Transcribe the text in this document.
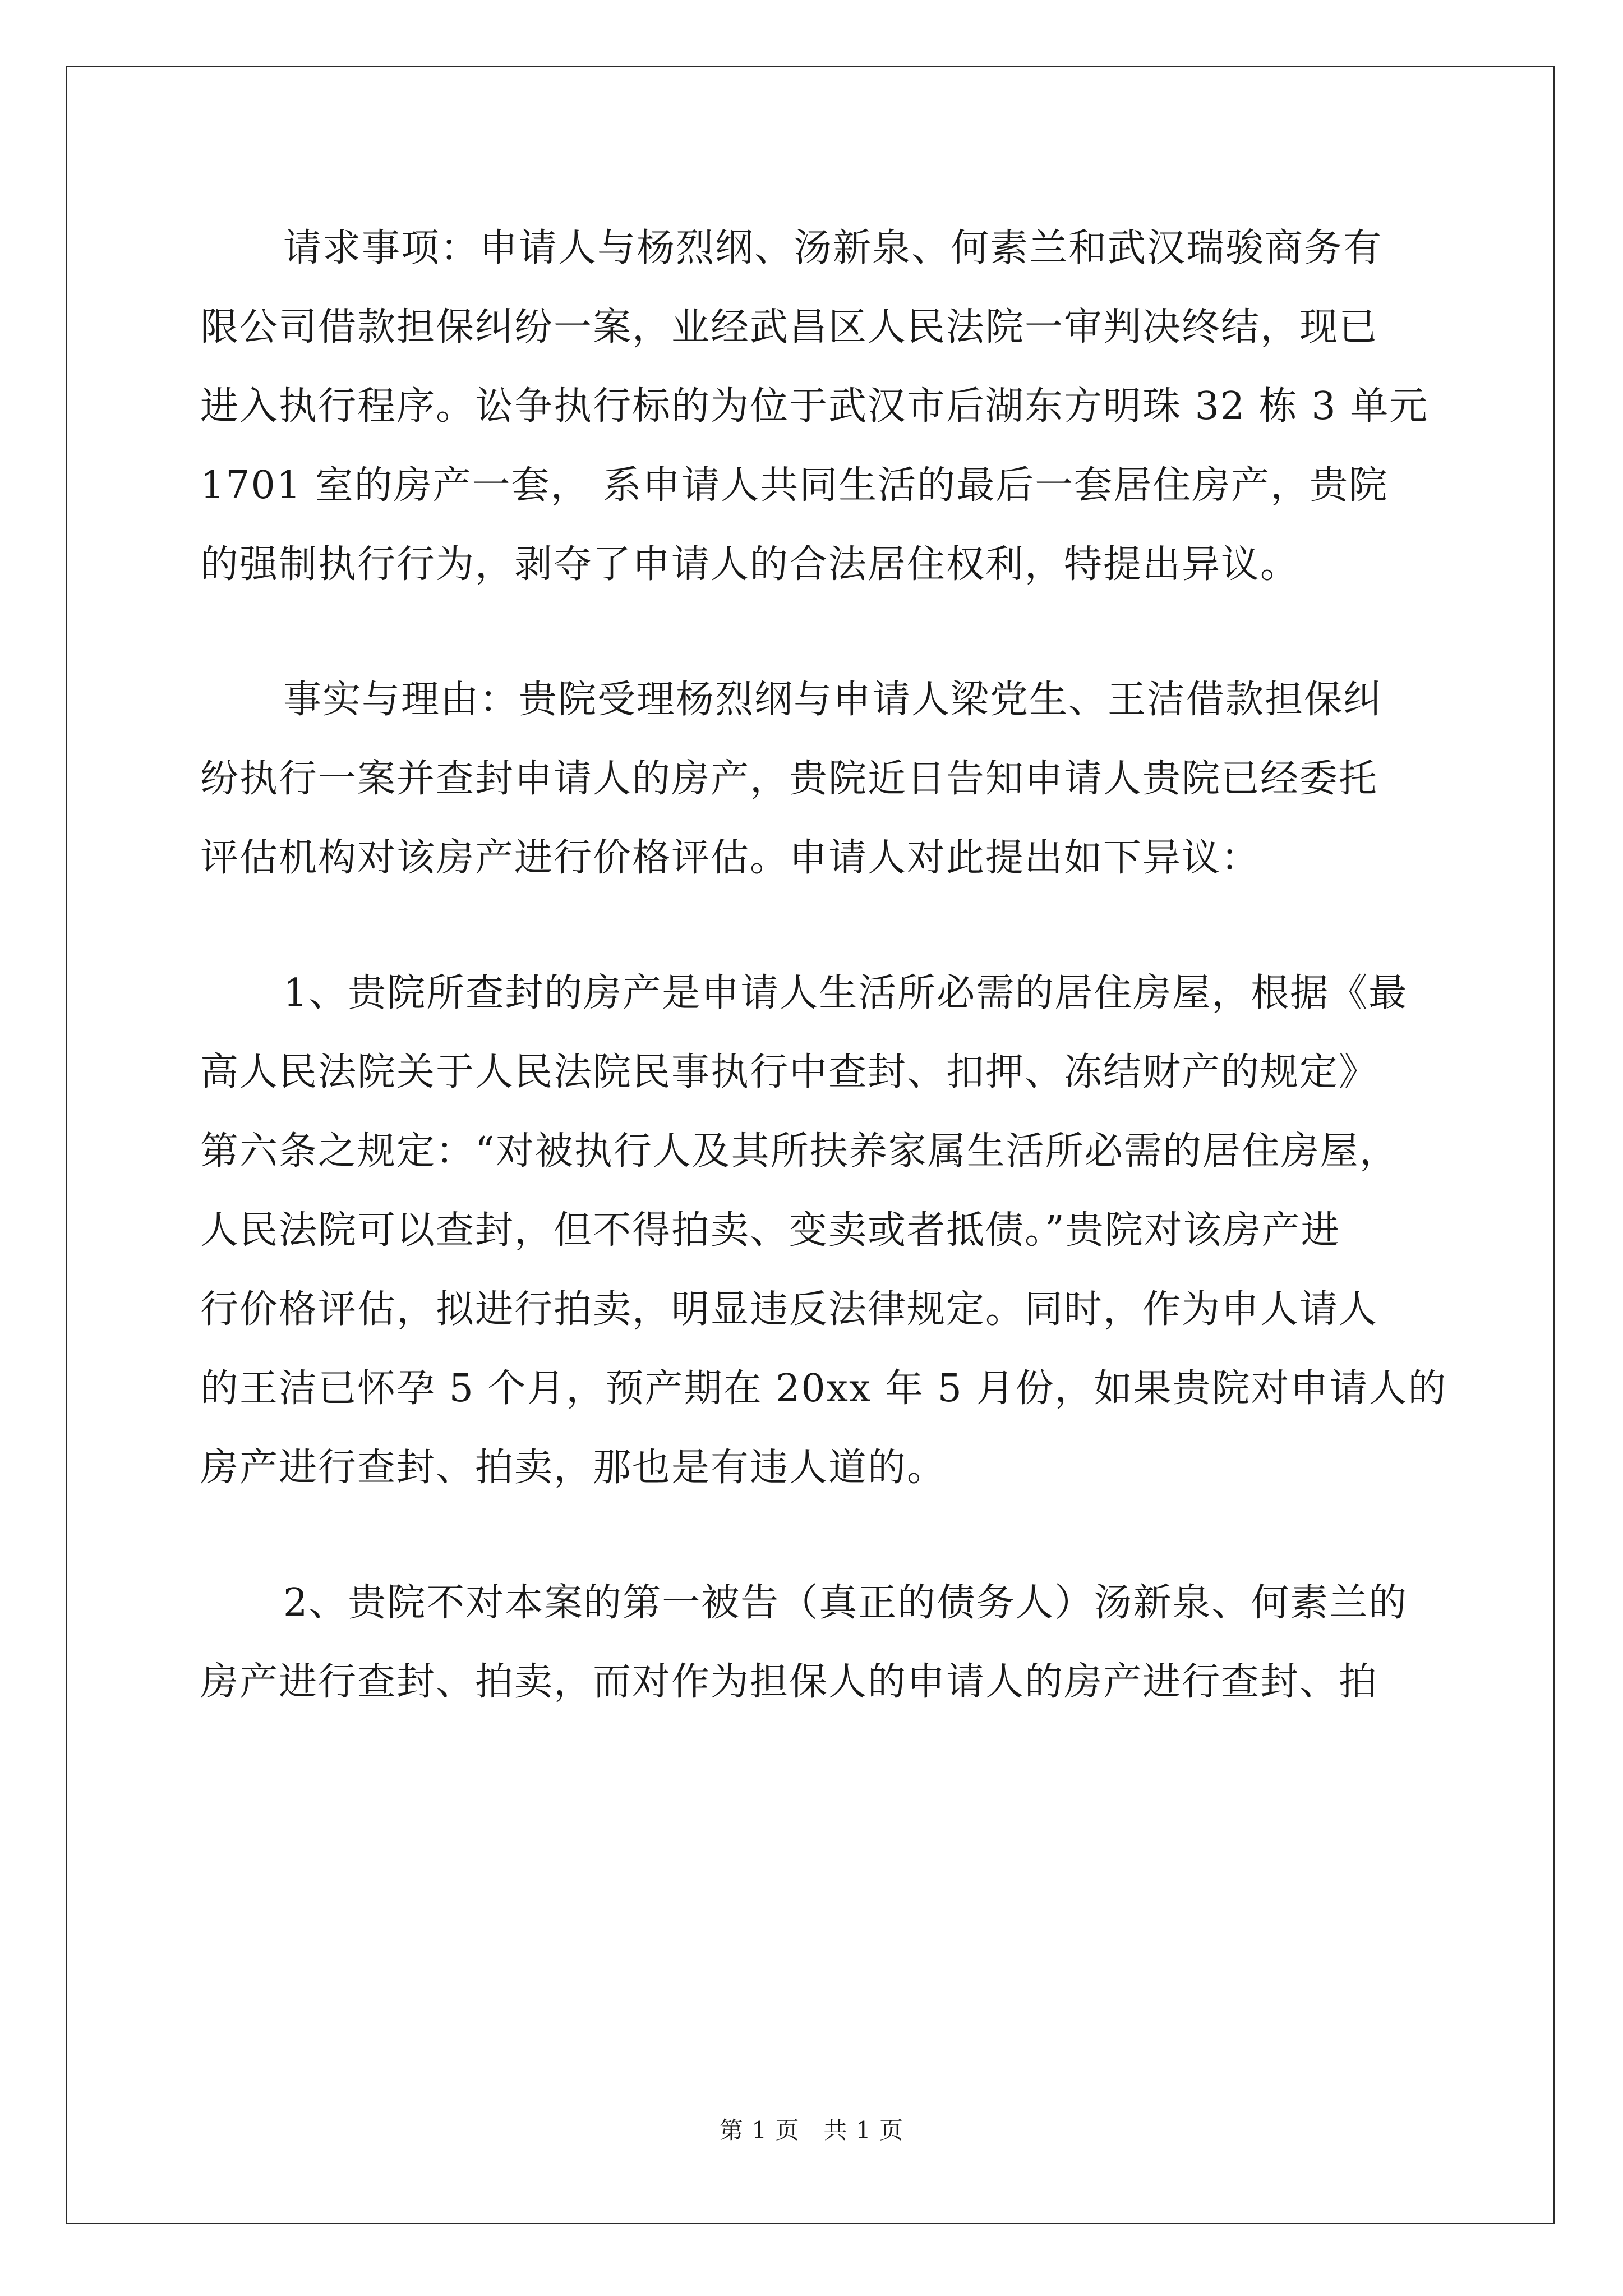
请求事项：申请人与杨烈纲、汤新泉、何素兰和武汉瑞骏商务有
限公司借款担保纠纷一案，业经武昌区人民法院一审判决终结，现已
进入执行程序。讼争执行标的为位于武汉市后湖东方明珠 32 栋 3 单元
1701 室的房产一套， 系申请人共同生活的最后一套居住房产，贵院
的强制执行行为，剥夺了申请人的合法居住权利，特提出异议。

事实与理由：贵院受理杨烈纲与申请人梁党生、王洁借款担保纠
纷执行一案并查封申请人的房产，贵院近日告知申请人贵院已经委托
评估机构对该房产进行价格评估。申请人对此提出如下异议：

1、贵院所查封的房产是申请人生活所必需的居住房屋，根据《最
高人民法院关于人民法院民事执行中查封、扣押、冻结财产的规定》
第六条之规定：“对被执行人及其所扶养家属生活所必需的居住房屋，
人民法院可以查封，但不得拍卖、变卖或者抵债。”贵院对该房产进
行价格评估，拟进行拍卖，明显违反法律规定。同时，作为申人请人
的王洁已怀孕 5 个月，预产期在 20xx 年 5 月份，如果贵院对申请人的
房产进行查封、拍卖，那也是有违人道的。

2、贵院不对本案的第一被告（真正的债务人）汤新泉、何素兰的
房产进行查封、拍卖，而对作为担保人的申请人的房产进行查封、拍

第 1 页   共 1 页
